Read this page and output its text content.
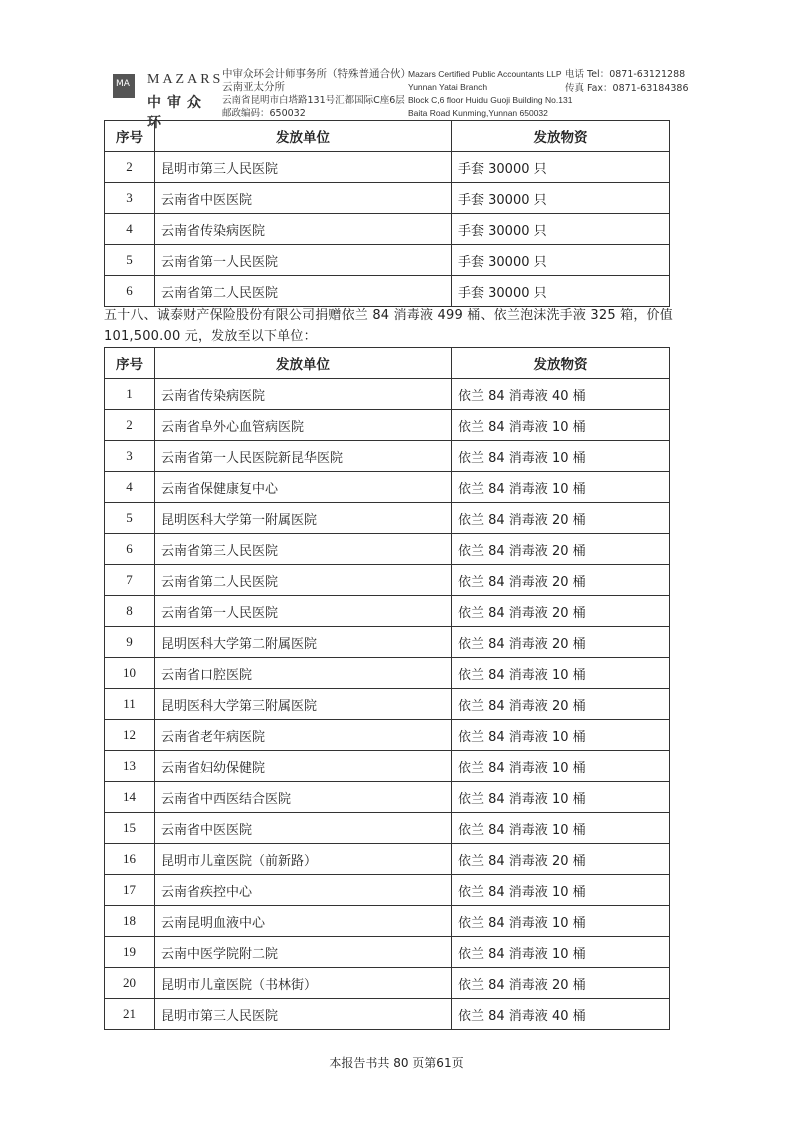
MA MAZARS
中审众环
中审众环会计师事务所（特殊普通合伙）
云南亚太分所
云南省昆明市白塔路131号汇都国际C座6层
邮政编码：650032
Mazars Certified Public Accountants LLP
Yunnan Yatai Branch
Block C,6 floor Huidu Guoji Building No.131
Baita Road Kunming,Yunnan 650032
电话 Tel：0871-63121288
传真 Fax：0871-63184386
序号	发放单位	发放物资
2	昆明市第三人民医院	手套 30000 只
3	云南省中医医院	手套 30000 只
4	云南省传染病医院	手套 30000 只
5	云南省第一人民医院	手套 30000 只
6	云南省第二人民医院	手套 30000 只
五十八、诚泰财产保险股份有限公司捐赠依兰 84 消毒液 499 桶、依兰泡沫洗手液 325 箱，价值
101,500.00 元，发放至以下单位：
序号	发放单位	发放物资
1	云南省传染病医院	依兰 84 消毒液 40 桶
2	云南省阜外心血管病医院	依兰 84 消毒液 10 桶
3	云南省第一人民医院新昆华医院	依兰 84 消毒液 10 桶
4	云南省保健康复中心	依兰 84 消毒液 10 桶
5	昆明医科大学第一附属医院	依兰 84 消毒液 20 桶
6	云南省第三人民医院	依兰 84 消毒液 20 桶
7	云南省第二人民医院	依兰 84 消毒液 20 桶
8	云南省第一人民医院	依兰 84 消毒液 20 桶
9	昆明医科大学第二附属医院	依兰 84 消毒液 20 桶
10	云南省口腔医院	依兰 84 消毒液 10 桶
11	昆明医科大学第三附属医院	依兰 84 消毒液 20 桶
12	云南省老年病医院	依兰 84 消毒液 10 桶
13	云南省妇幼保健院	依兰 84 消毒液 10 桶
14	云南省中西医结合医院	依兰 84 消毒液 10 桶
15	云南省中医医院	依兰 84 消毒液 10 桶
16	昆明市儿童医院（前新路）	依兰 84 消毒液 20 桶
17	云南省疾控中心	依兰 84 消毒液 10 桶
18	云南昆明血液中心	依兰 84 消毒液 10 桶
19	云南中医学院附二院	依兰 84 消毒液 10 桶
20	昆明市儿童医院（书林街）	依兰 84 消毒液 20 桶
21	昆明市第三人民医院	依兰 84 消毒液 40 桶
本报告书共 80 页第61页
